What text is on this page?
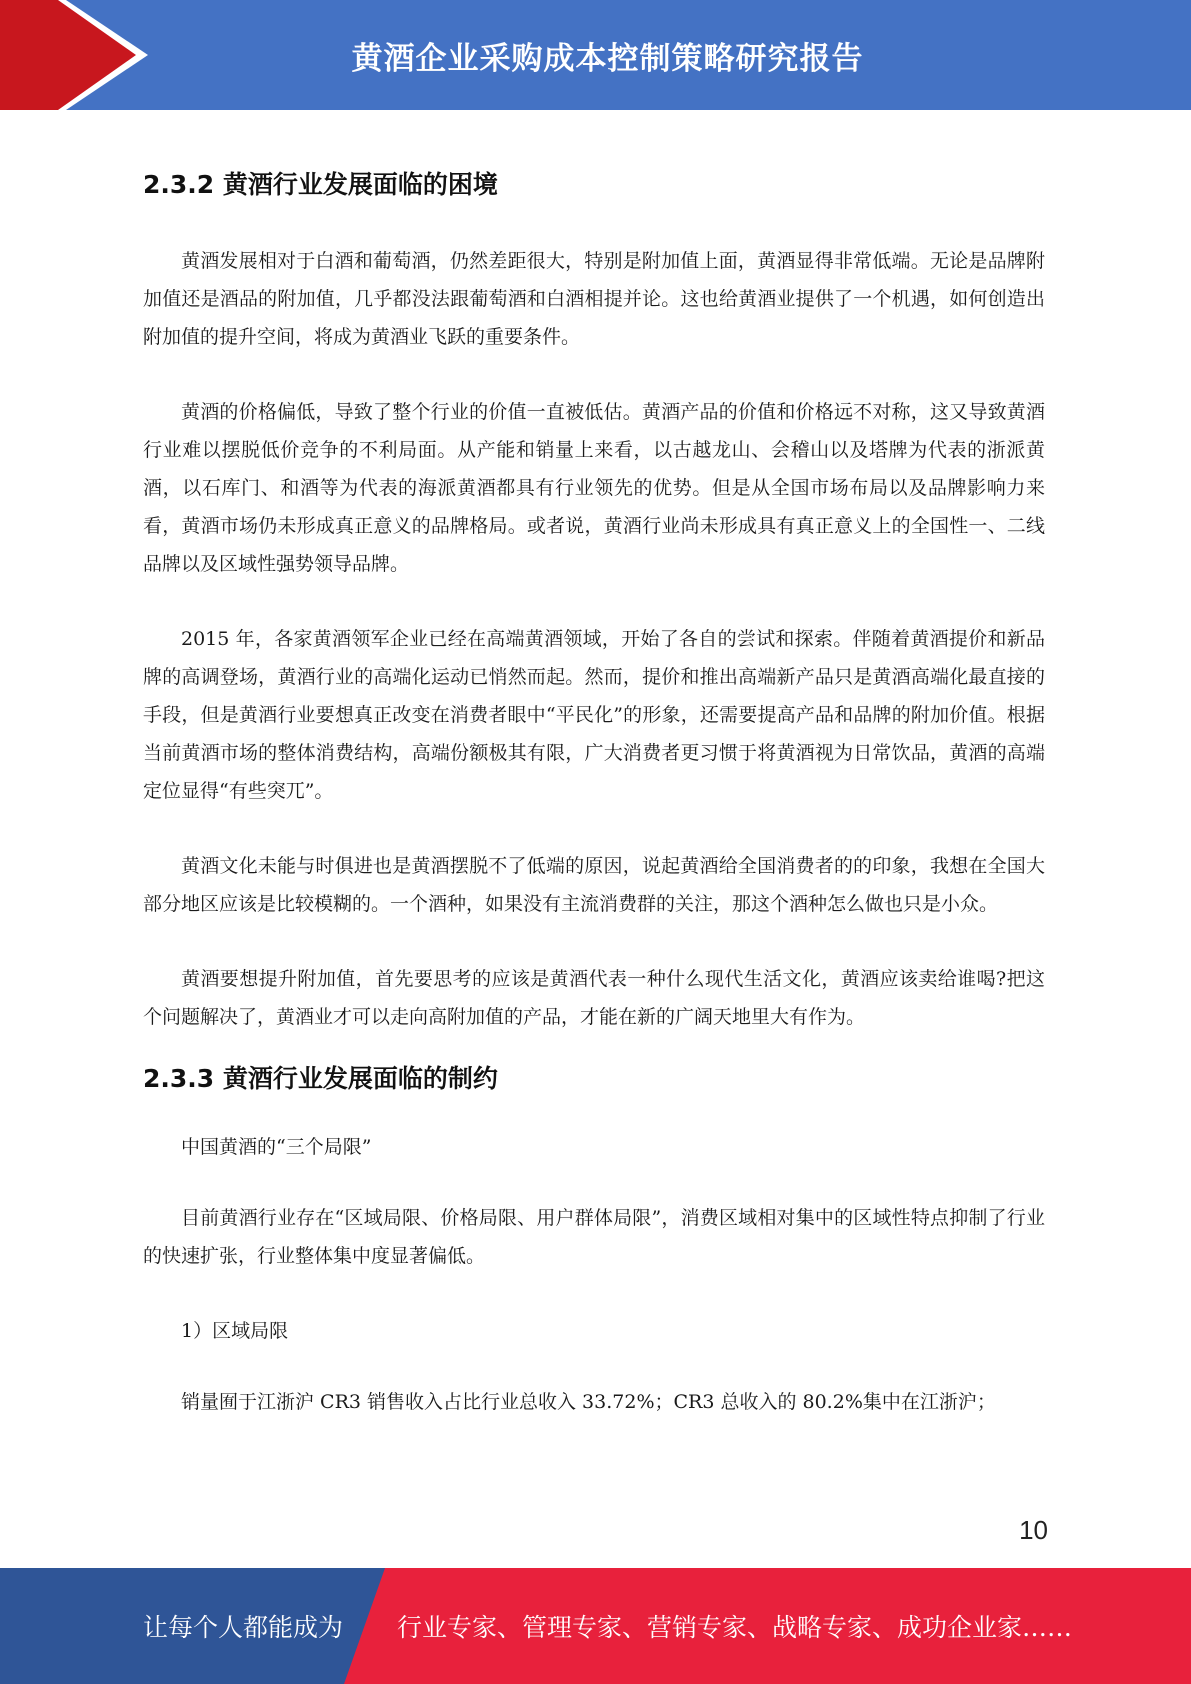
黄酒企业采购成本控制策略研究报告
2.3.2 黄酒行业发展面临的困境

黄酒发展相对于白酒和葡萄酒，仍然差距很大，特别是附加值上面，黄酒显得非常低端。无论是品牌附加值还是酒品的附加值，几乎都没法跟葡萄酒和白酒相提并论。这也给黄酒业提供了一个机遇，如何创造出附加值的提升空间，将成为黄酒业飞跃的重要条件。

黄酒的价格偏低，导致了整个行业的价值一直被低估。黄酒产品的价值和价格远不对称，这又导致黄酒行业难以摆脱低价竞争的不利局面。从产能和销量上来看，以古越龙山、会稽山以及塔牌为代表的浙派黄酒，以石库门、和酒等为代表的海派黄酒都具有行业领先的优势。但是从全国市场布局以及品牌影响力来看，黄酒市场仍未形成真正意义的品牌格局。或者说，黄酒行业尚未形成具有真正意义上的全国性一、二线品牌以及区域性强势领导品牌。

2015 年，各家黄酒领军企业已经在高端黄酒领域，开始了各自的尝试和探索。伴随着黄酒提价和新品牌的高调登场，黄酒行业的高端化运动已悄然而起。然而，提价和推出高端新产品只是黄酒高端化最直接的手段，但是黄酒行业要想真正改变在消费者眼中“平民化”的形象，还需要提高产品和品牌的附加价值。根据当前黄酒市场的整体消费结构，高端份额极其有限，广大消费者更习惯于将黄酒视为日常饮品，黄酒的高端定位显得“有些突兀”。

黄酒文化未能与时俱进也是黄酒摆脱不了低端的原因，说起黄酒给全国消费者的的印象，我想在全国大部分地区应该是比较模糊的。一个酒种，如果没有主流消费群的关注，那这个酒种怎么做也只是小众。

黄酒要想提升附加值，首先要思考的应该是黄酒代表一种什么现代生活文化，黄酒应该卖给谁喝?把这个问题解决了，黄酒业才可以走向高附加值的产品，才能在新的广阔天地里大有作为。

2.3.3 黄酒行业发展面临的制约

中国黄酒的“三个局限”

目前黄酒行业存在“区域局限、价格局限、用户群体局限”，消费区域相对集中的区域性特点抑制了行业的快速扩张，行业整体集中度显著偏低。

1）区域局限

销量囿于江浙沪 CR3 销售收入占比行业总收入 33.72%；CR3 总收入的 80.2%集中在江浙沪；

10
让每个人都能成为 行业专家、管理专家、营销专家、战略专家、成功企业家……
